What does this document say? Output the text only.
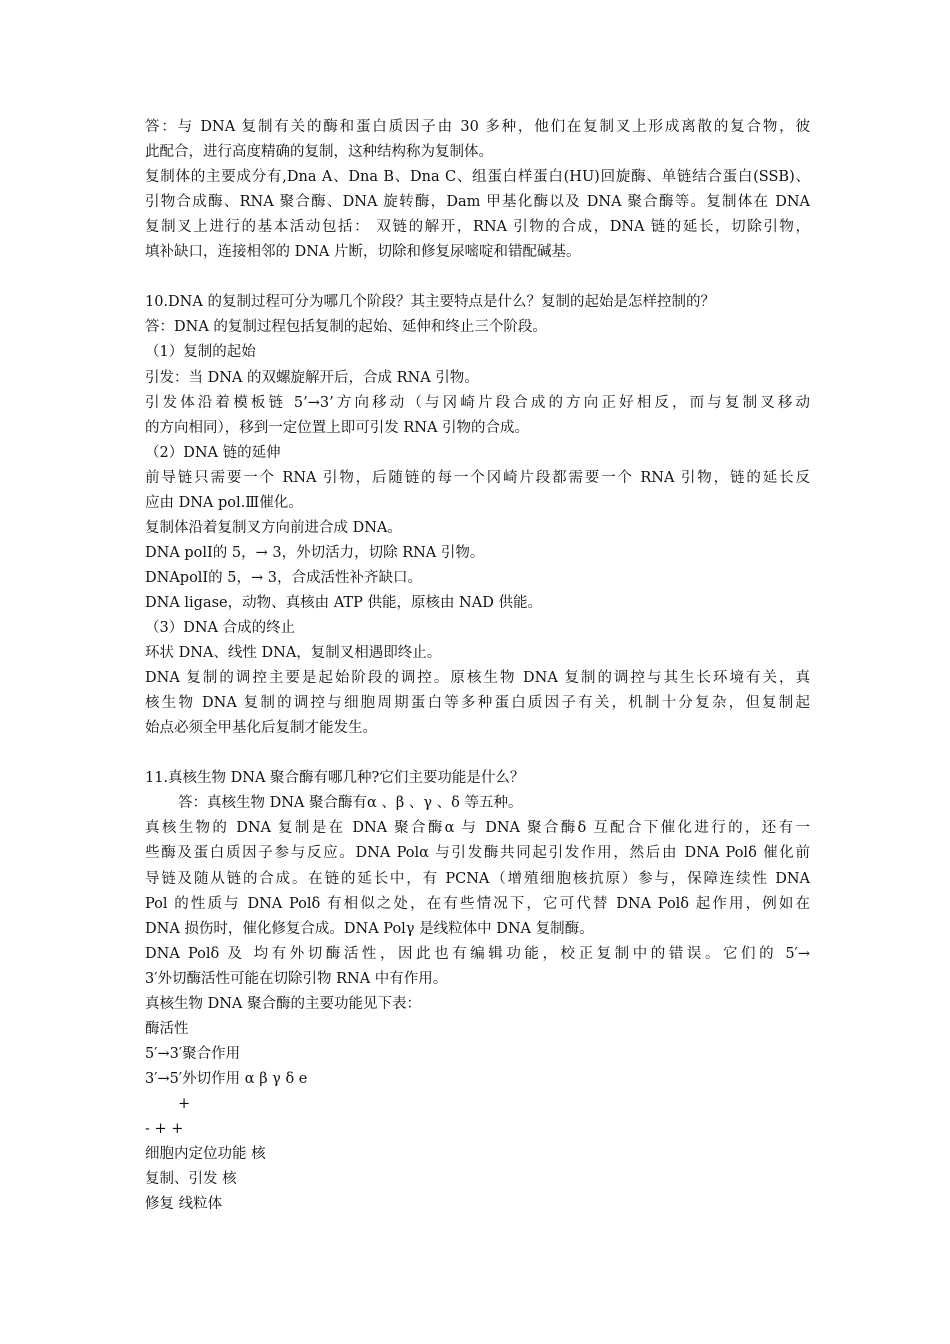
答：与 DNA 复制有关的酶和蛋白质因子由 30 多种，他们在复制叉上形成离散的复合物，彼
此配合，进行高度精确的复制，这种结构称为复制体。
复制体的主要成分有,Dna A、Dna B、Dna C、组蛋白样蛋白(HU)回旋酶、单链结合蛋白(SSB)、
引物合成酶、RNA 聚合酶、DNA 旋转酶，Dam 甲基化酶以及 DNA 聚合酶等。复制体在 DNA
复制叉上进行的基本活动包括： 双链的解开，RNA 引物的合成，DNA 链的延长，切除引物，
填补缺口，连接相邻的 DNA 片断，切除和修复尿嘧啶和错配碱基。
10.DNA 的复制过程可分为哪几个阶段？其主要特点是什么？复制的起始是怎样控制的？
答：DNA 的复制过程包括复制的起始、延伸和终止三个阶段。
（1）复制的起始
引发：当 DNA 的双螺旋解开后，合成 RNA 引物。
引发体沿着模板链 5’→3’方向移动（与冈崎片段合成的方向正好相反，而与复制叉移动
的方向相同），移到一定位置上即可引发 RNA 引物的合成。
（2）DNA 链的延伸
前导链只需要一个 RNA 引物，后随链的每一个冈崎片段都需要一个 RNA 引物，链的延长反
应由 DNA pol.Ⅲ催化。
复制体沿着复制叉方向前进合成 DNA。
DNA polⅠ的 5，→ 3，外切活力，切除 RNA 引物。
DNApolⅠ的 5，→ 3，合成活性补齐缺口。
DNA ligase，动物、真核由 ATP 供能，原核由 NAD 供能。
（3）DNA 合成的终止
环状 DNA、线性 DNA，复制叉相遇即终止。
DNA 复制的调控主要是起始阶段的调控。原核生物 DNA 复制的调控与其生长环境有关，真
核生物 DNA 复制的调控与细胞周期蛋白等多种蛋白质因子有关，机制十分复杂，但复制起
始点必须全甲基化后复制才能发生。
11.真核生物 DNA 聚合酶有哪几种?它们主要功能是什么？
答：真核生物 DNA 聚合酶有α 、β 、γ 、δ 等五种。
真核生物的 DNA 复制是在 DNA 聚合酶α 与 DNA 聚合酶δ 互配合下催化进行的，还有一
些酶及蛋白质因子参与反应。DNA Polα 与引发酶共同起引发作用，然后由 DNA Polδ 催化前
导链及随从链的合成。在链的延长中，有 PCNA（增殖细胞核抗原）参与，保障连续性 DNA
Pol 的性质与 DNA Polδ 有相似之处，在有些情况下，它可代替 DNA Polδ 起作用，例如在
DNA 损伤时，催化修复合成。DNA Polγ 是线粒体中 DNA 复制酶。
DNA Polδ 及 均有外切酶活性，因此也有编辑功能，校正复制中的错误。它们的 5′→
3′外切酶活性可能在切除引物 RNA 中有作用。
真核生物 DNA 聚合酶的主要功能见下表：
酶活性
5′→3′聚合作用
3′→5′外切作用 α β γ δ e
+
- + +
细胞内定位功能 核
复制、引发 核
修复 线粒体
